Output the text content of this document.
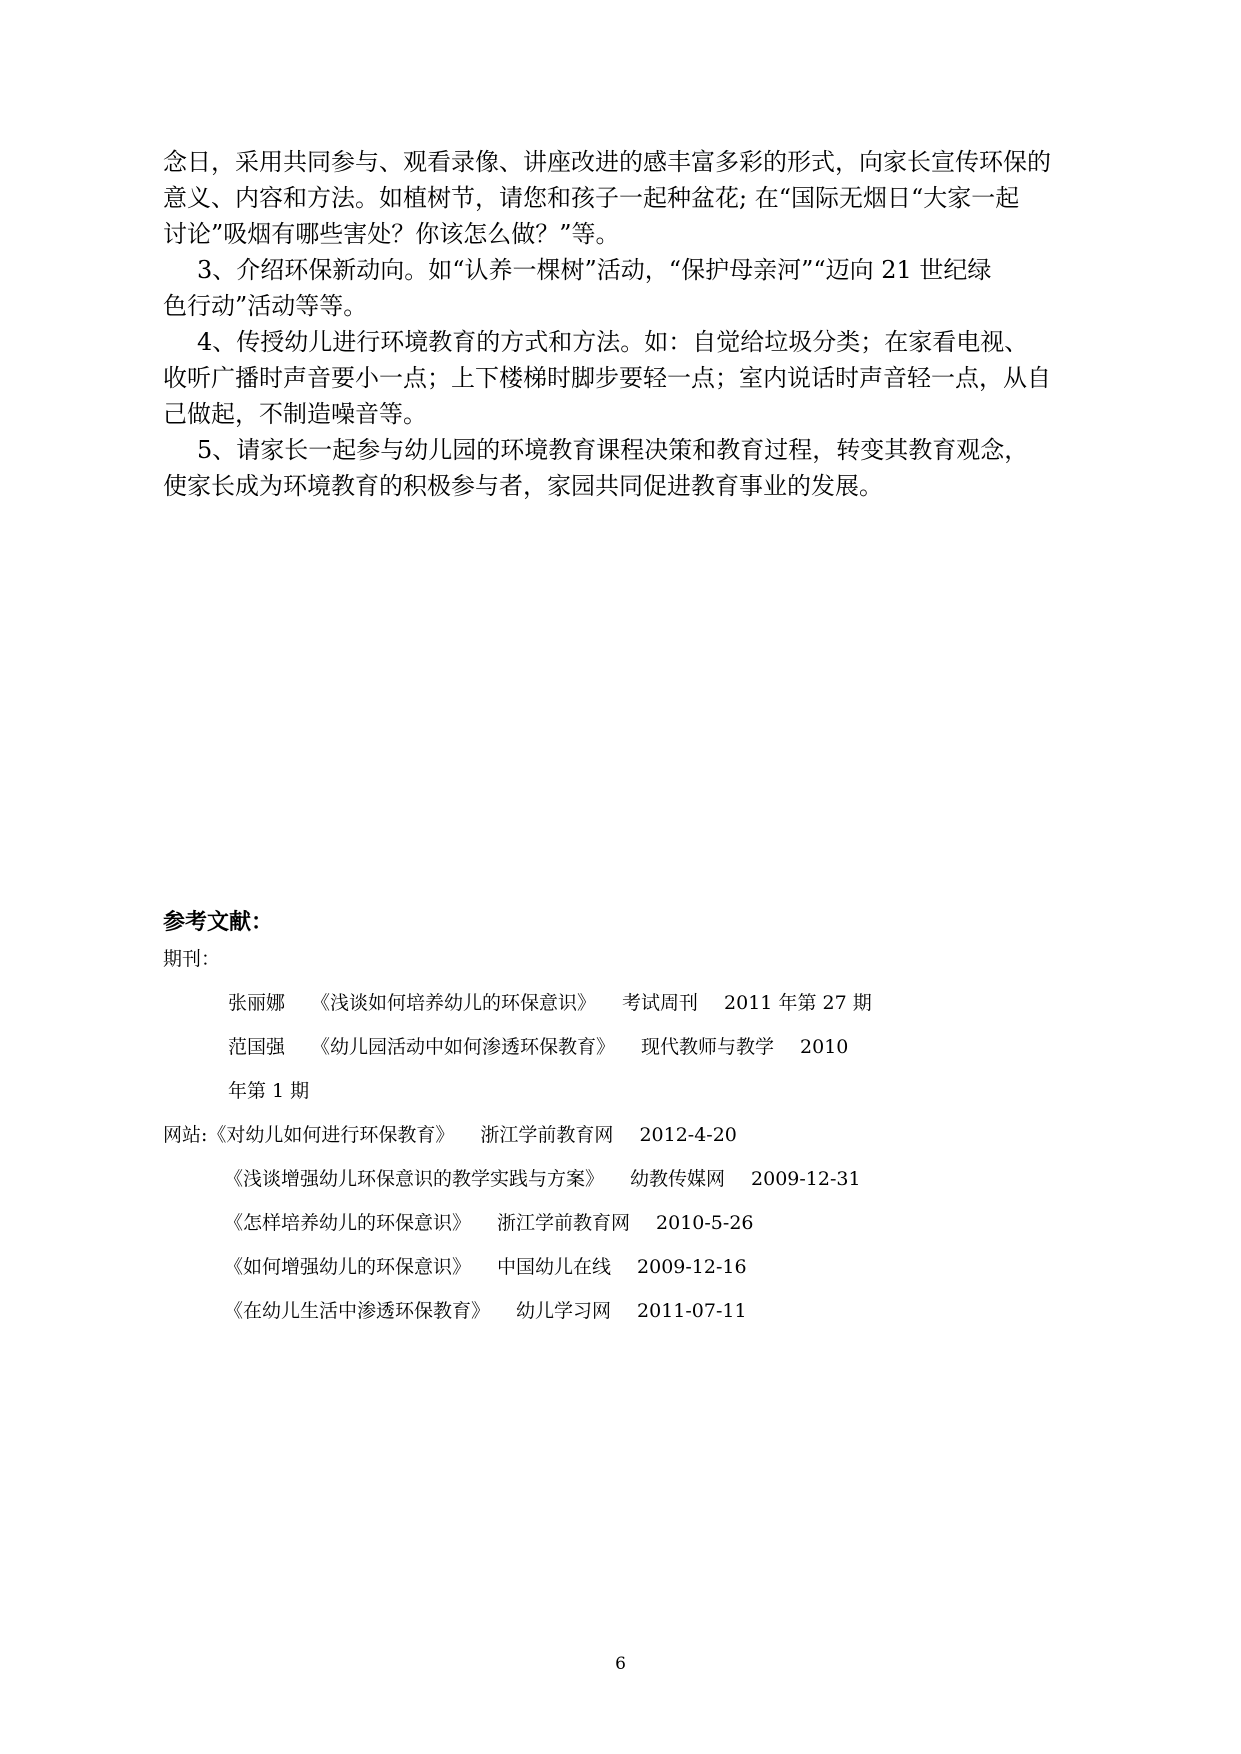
念日，采用共同参与、观看录像、讲座改进的感丰富多彩的形式，向家长宣传环保的
意义、内容和方法。如植树节，请您和孩子一起种盆花; 在“国际无烟日“大家一起
讨论”吸烟有哪些害处？你该怎么做？”等。
3、介绍环保新动向。如“认养一棵树”活动，“保护母亲河”“迈向 21 世纪绿
色行动”活动等等。
4、传授幼儿进行环境教育的方式和方法。如：自觉给垃圾分类；在家看电视、
收听广播时声音要小一点；上下楼梯时脚步要轻一点；室内说话时声音轻一点，从自
己做起，不制造噪音等。
5、请家长一起参与幼儿园的环境教育课程决策和教育过程，转变其教育观念，
使家长成为环境教育的积极参与者，家园共同促进教育事业的发展。
参考文献：
期刊：
张丽娜 《浅谈如何培养幼儿的环保意识》 考试周刊 2011 年第 27 期
范国强 《幼儿园活动中如何渗透环保教育》 现代教师与教学 2010
年第 1 期
网站:《对幼儿如何进行环保教育》 浙江学前教育网 2012-4-20
《浅谈增强幼儿环保意识的教学实践与方案》 幼教传媒网 2009-12-31
《怎样培养幼儿的环保意识》 浙江学前教育网 2010-5-26
《如何增强幼儿的环保意识》 中国幼儿在线 2009-12-16
《在幼儿生活中渗透环保教育》 幼儿学习网 2011-07-11
6
